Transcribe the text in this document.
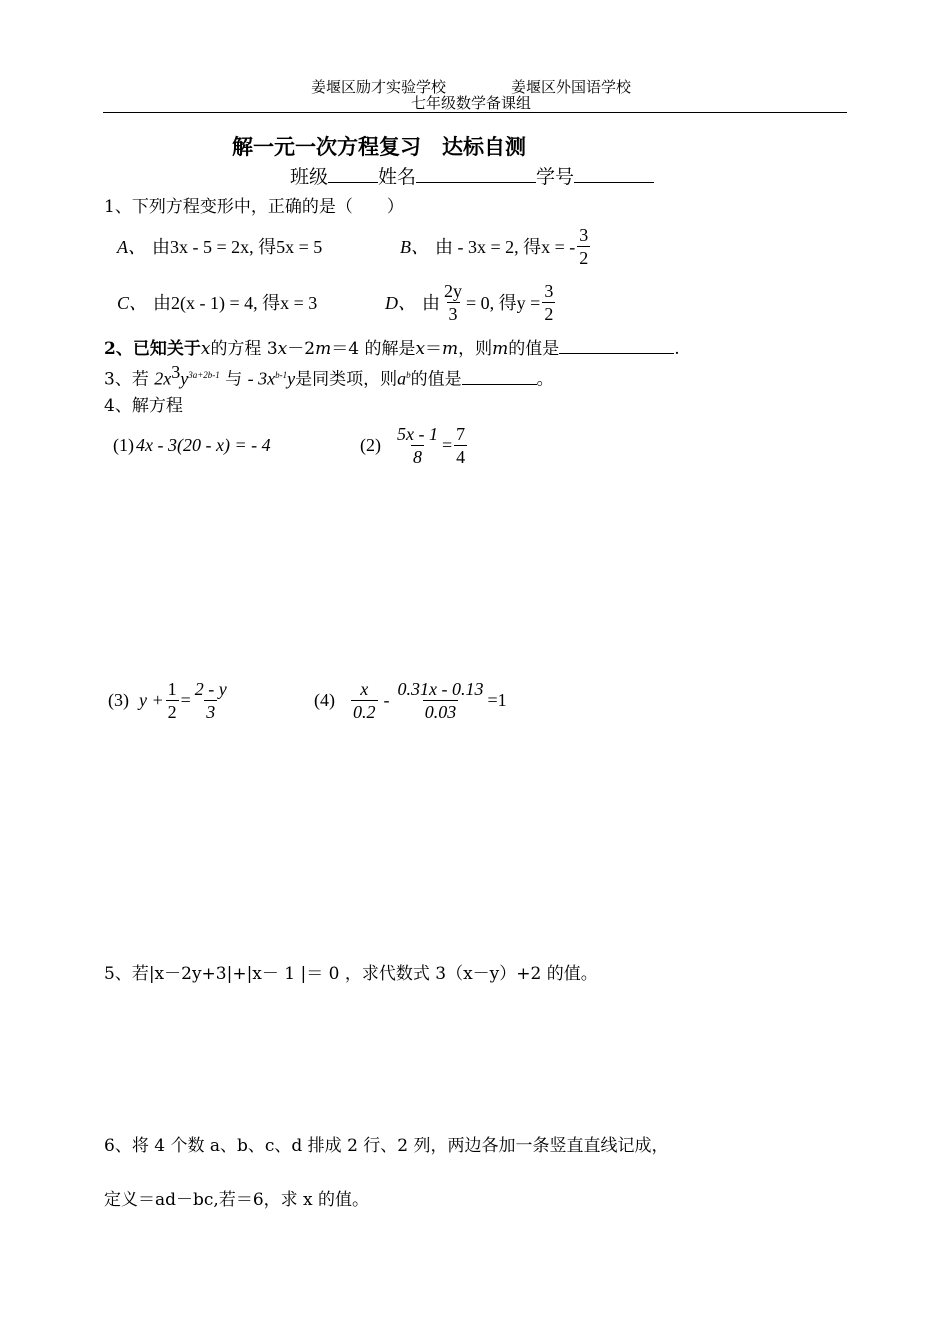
姜堰区励才实验学校	姜堰区外国语学校
七年级数学备课组
解一元一次方程复习　达标自测
班级	姓名	学号
1、下列方程变形中，正确的是（　　）
A、 由3x - 5 = 2x, 得5x = 5	B、 由 - 3x = 2, 得x = - $\frac{3}{2}$
C、 由2(x - 1) = 4, 得x = 3	D、 由 $\frac{2y}{3} = 0$, 得$y = \frac{3}{2}$
2、已知关于x的方程 3x－2m＝4 的解是x＝m，则m的值是	.
3、若 $2x^3y^{3a+2b-1}$ 与 - $3x^{b-1}y$是同类项，则$a^b$的值是	。
4、解方程
(1) 4x - 3(20 - x) = - 4	$(2) \frac{5x - 1}{8} = \frac{7}{4}$
(3) $y + \frac{1}{2} = \frac{2 - y}{3}$	$(4) \frac{x}{0.2} - \frac{0.31x - 0.13}{0.03} =1$
5、若|x－2y+3|+|x－ 1 |＝ 0 ，求代数式 3（x－y）+2 的值。
6、将 4 个数 a、b、c、d 排成 2 行、2 列，两边各加一条竖直直线记成，
定义＝ad－bc,若＝6，求 x 的值。
